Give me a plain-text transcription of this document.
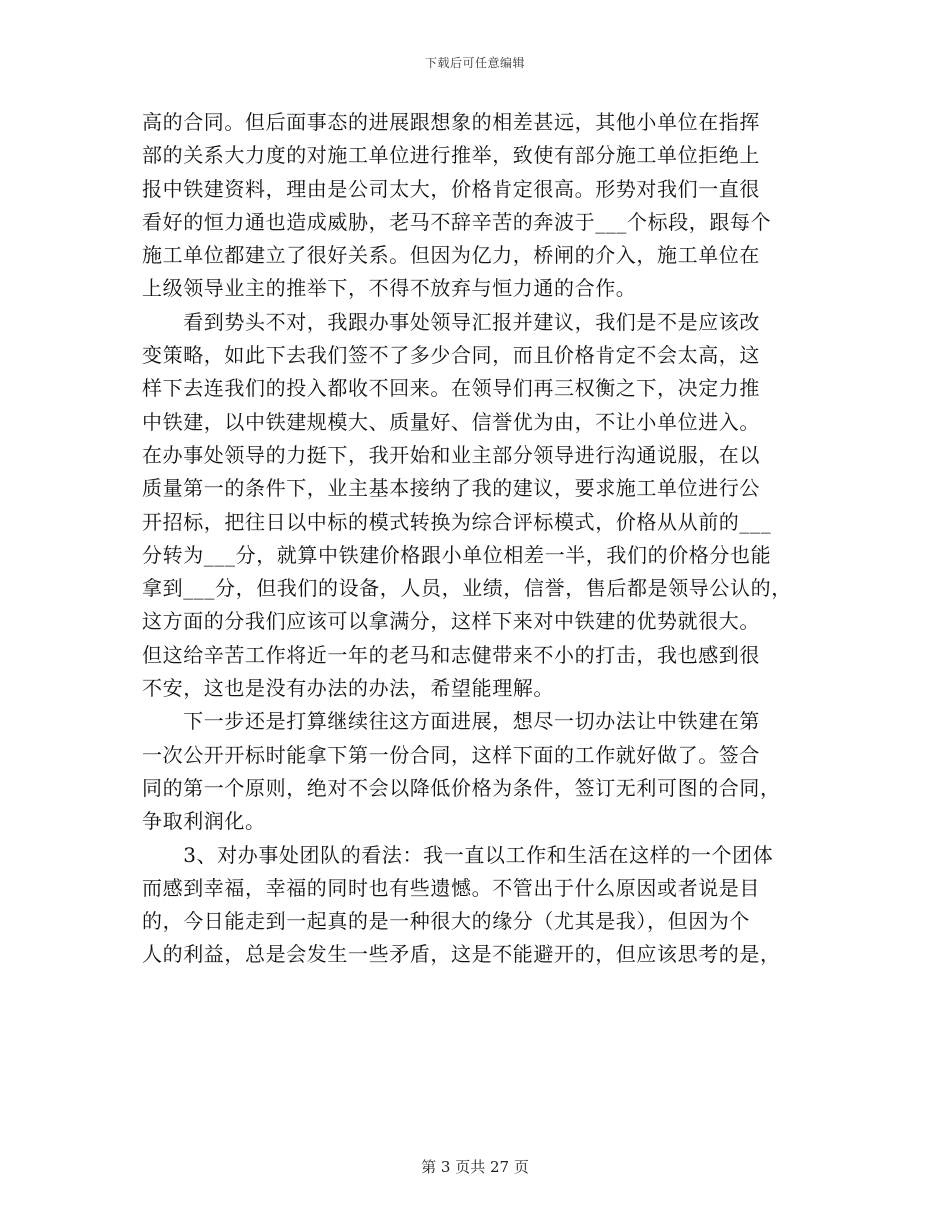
下载后可任意编辑
高的合同。但后面事态的进展跟想象的相差甚远，其他小单位在指挥
部的关系大力度的对施工单位进行推举，致使有部分施工单位拒绝上
报中铁建资料，理由是公司太大，价格肯定很高。形势对我们一直很
看好的恒力通也造成威胁，老马不辞辛苦的奔波于___个标段，跟每个
施工单位都建立了很好关系。但因为亿力，桥闸的介入，施工单位在
上级领导业主的推举下，不得不放弃与恒力通的合作。
　　看到势头不对，我跟办事处领导汇报并建议，我们是不是应该改
变策略，如此下去我们签不了多少合同，而且价格肯定不会太高，这
样下去连我们的投入都收不回来。在领导们再三权衡之下，决定力推
中铁建，以中铁建规模大、质量好、信誉优为由，不让小单位进入。
在办事处领导的力挺下，我开始和业主部分领导进行沟通说服，在以
质量第一的条件下，业主基本接纳了我的建议，要求施工单位进行公
开招标，把往日以中标的模式转换为综合评标模式，价格从从前的___
分转为___分，就算中铁建价格跟小单位相差一半，我们的价格分也能
拿到___分，但我们的设备，人员，业绩，信誉，售后都是领导公认的，
这方面的分我们应该可以拿满分，这样下来对中铁建的优势就很大。
但这给辛苦工作将近一年的老马和志健带来不小的打击，我也感到很
不安，这也是没有办法的办法，希望能理解。
　　下一步还是打算继续往这方面进展，想尽一切办法让中铁建在第
一次公开开标时能拿下第一份合同，这样下面的工作就好做了。签合
同的第一个原则，绝对不会以降低价格为条件，签订无利可图的合同，
争取利润化。
　　3、对办事处团队的看法：我一直以工作和生活在这样的一个团体
而感到幸福，幸福的同时也有些遗憾。不管出于什么原因或者说是目
的，今日能走到一起真的是一种很大的缘分（尤其是我），但因为个
人的利益，总是会发生一些矛盾，这是不能避开的，但应该思考的是，
第 3 页共 27 页
